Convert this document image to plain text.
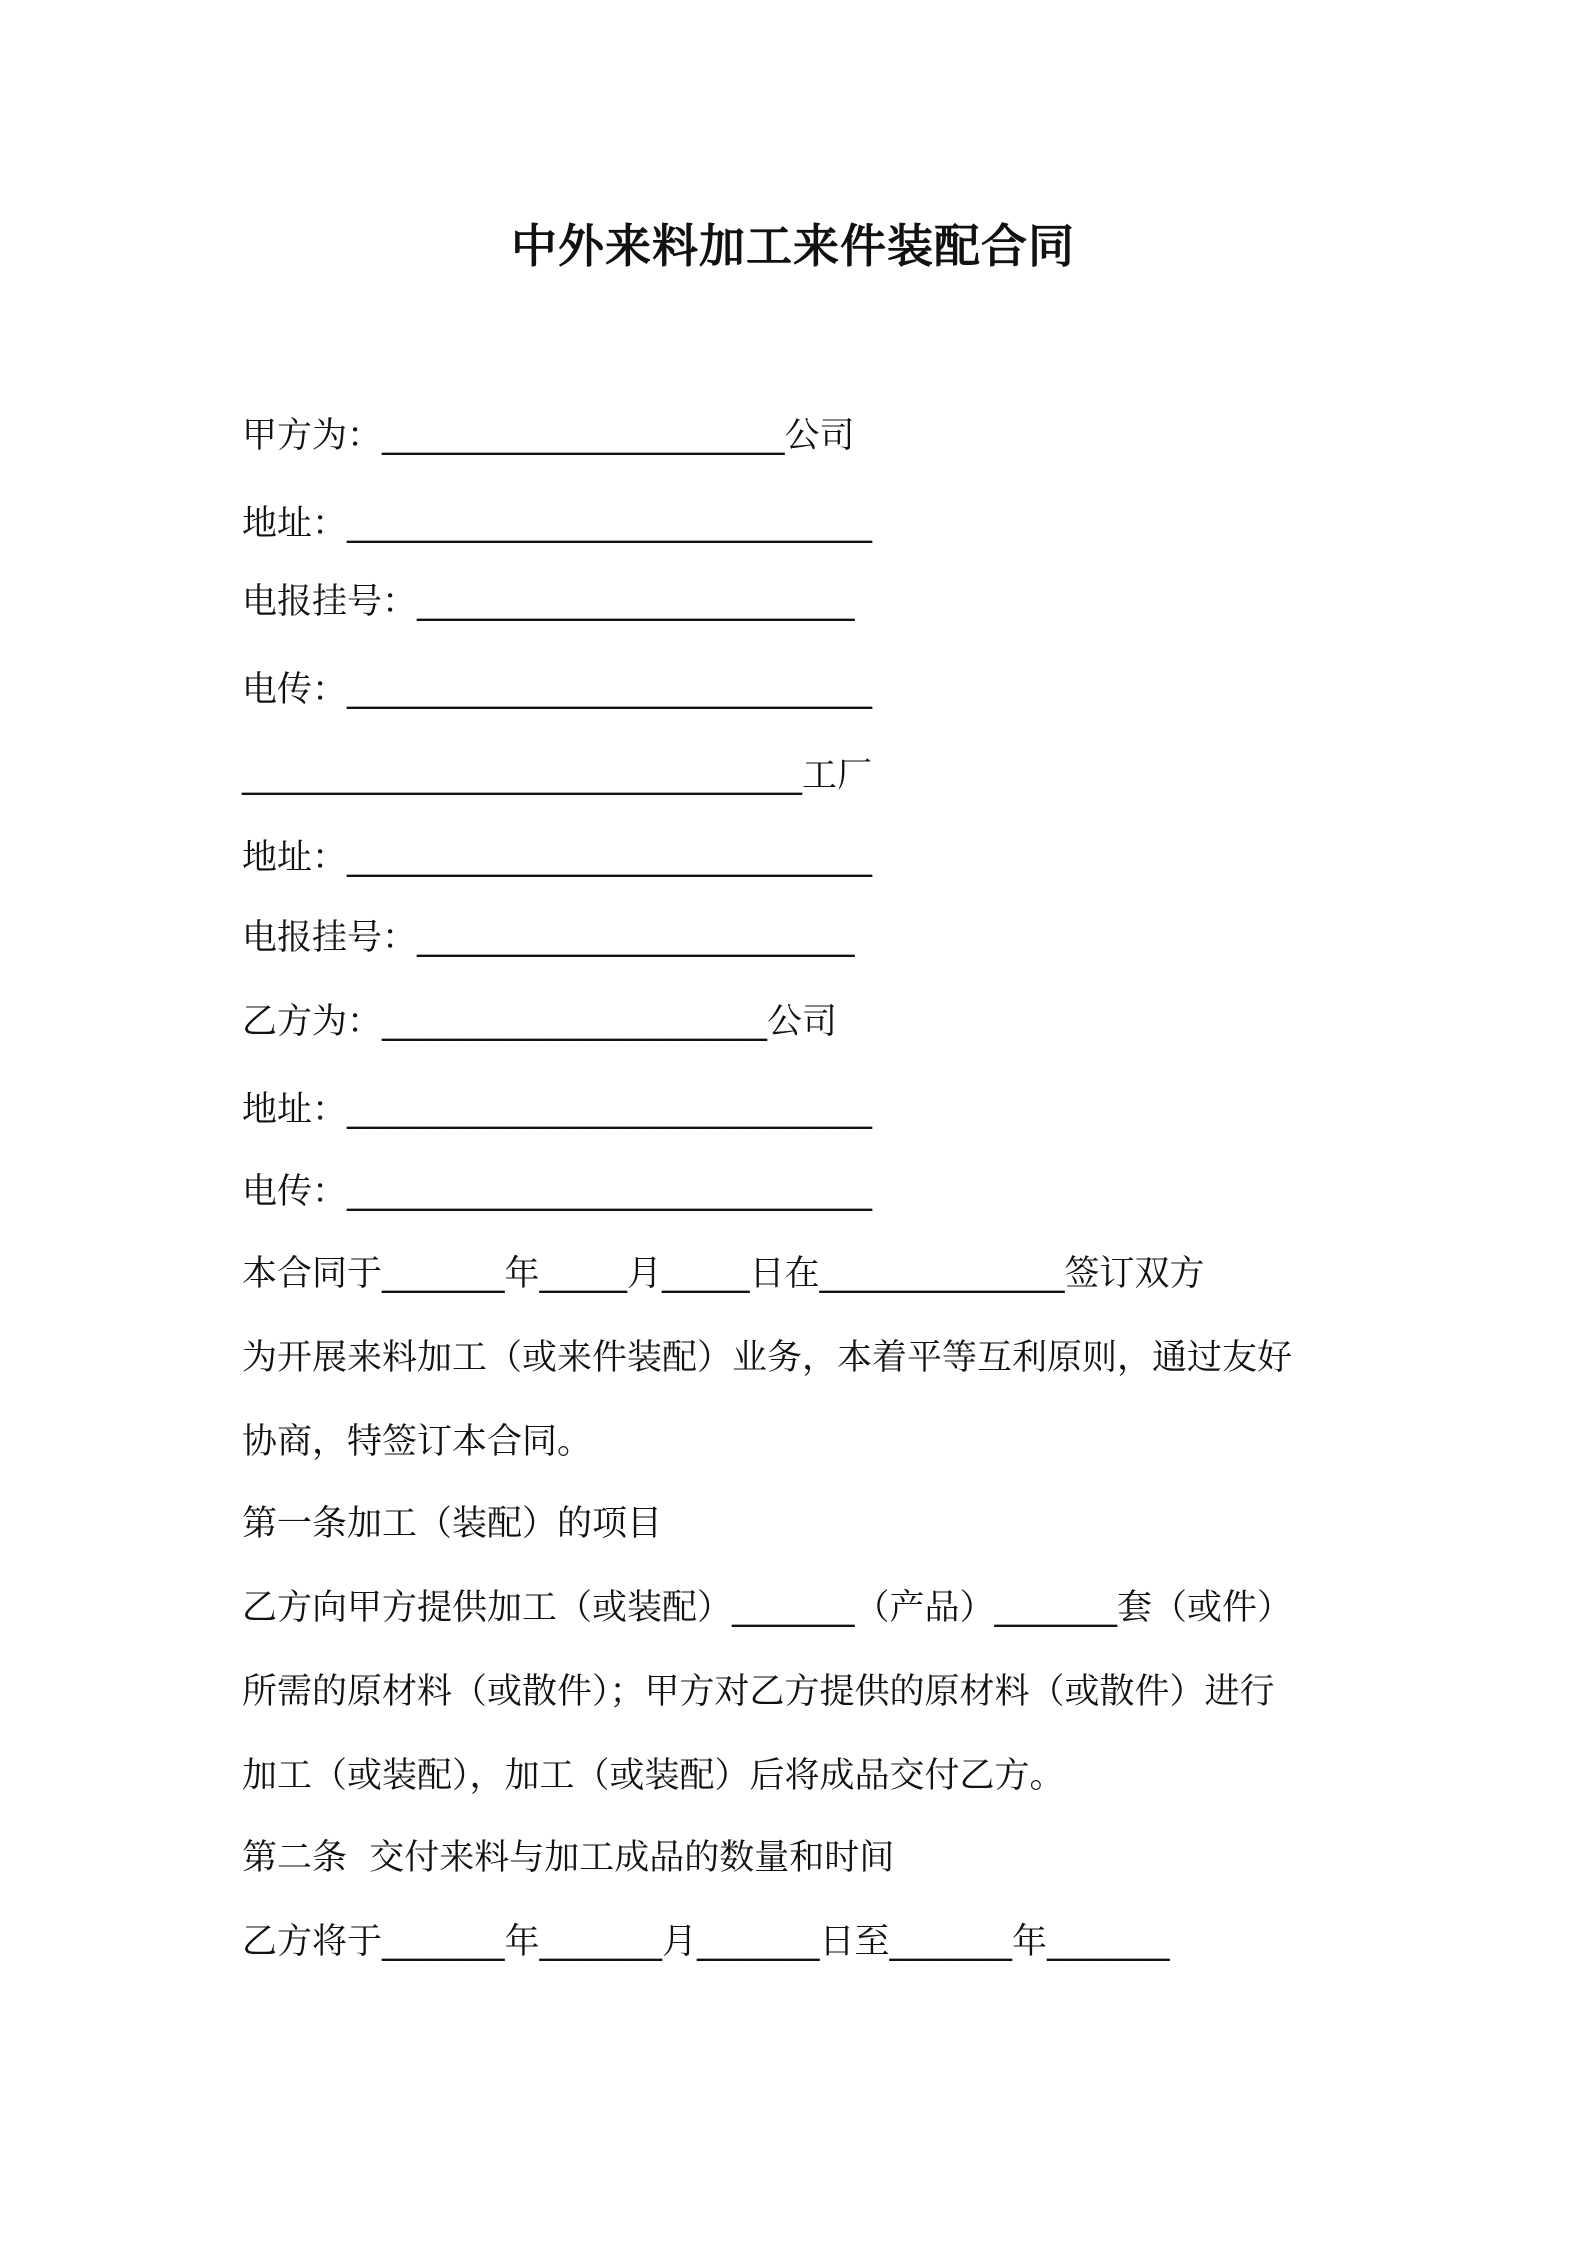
中外来料加工来件装配合同
甲方为：_______________________公司
地址：______________________________
电报挂号：_________________________
电传：______________________________
________________________________工厂
地址：______________________________
电报挂号：_________________________
乙方为：______________________公司
地址：______________________________
电传：______________________________
本合同于_______年_____月_____日在______________签订双方
为开展来料加工（或来件装配）业务，本着平等互利原则，通过友好
协商，特签订本合同。
第一条加工（装配）的项目
乙方向甲方提供加工（或装配）_______（产品）_______套（或件）
所需的原材料（或散件）；甲方对乙方提供的原材料（或散件）进行
加工（或装配），加工（或装配）后将成品交付乙方。
第二条  交付来料与加工成品的数量和时间
乙方将于_______年_______月_______日至_______年_______
